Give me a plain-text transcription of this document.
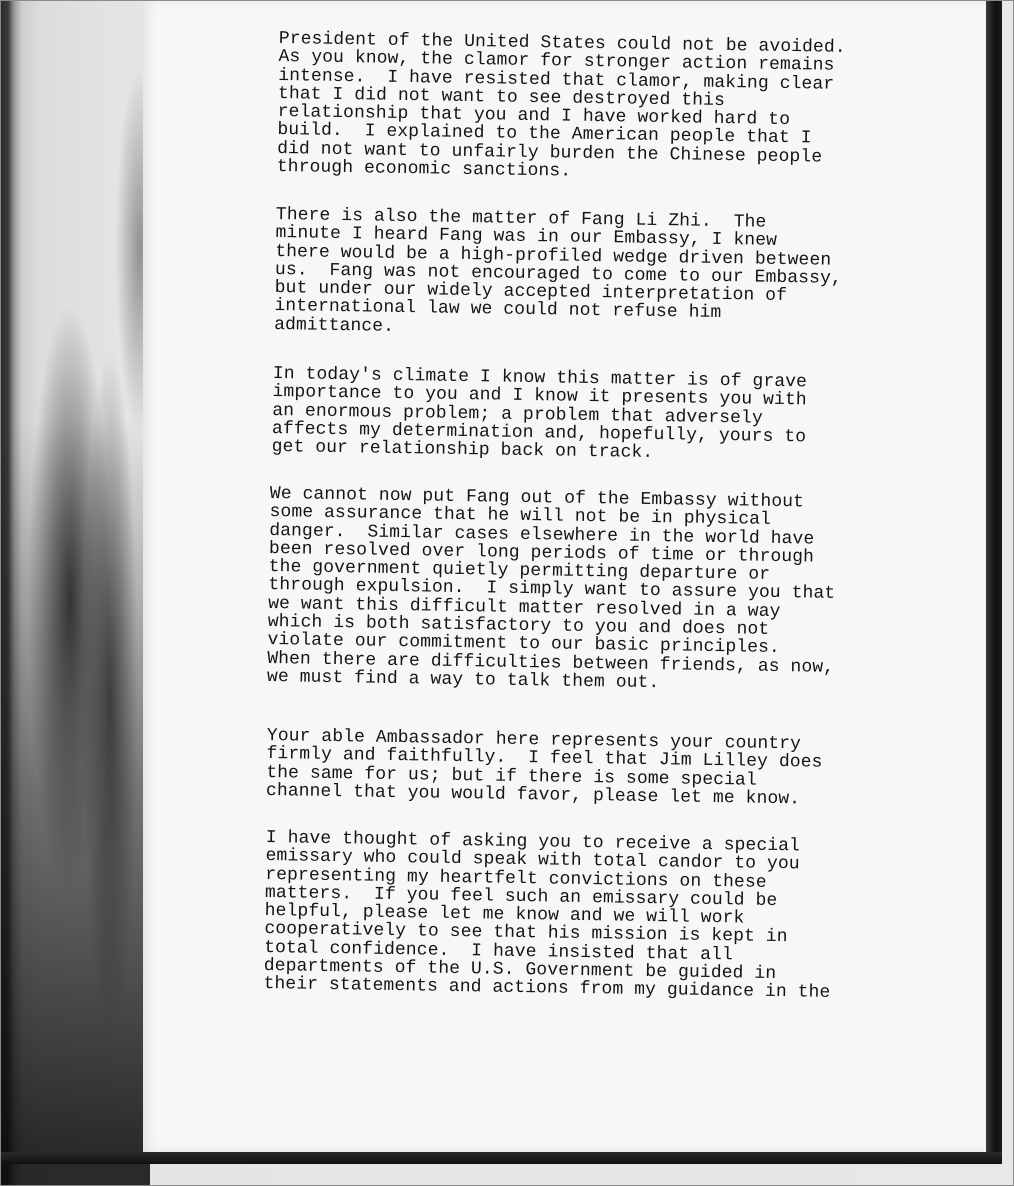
President of the United States could not be avoided.
As you know, the clamor for stronger action remains
intense.  I have resisted that clamor, making clear
that I did not want to see destroyed this
relationship that you and I have worked hard to
build.  I explained to the American people that I
did not want to unfairly burden the Chinese people
through economic sanctions.

There is also the matter of Fang Li Zhi.  The
minute I heard Fang was in our Embassy, I knew
there would be a high-profiled wedge driven between
us.  Fang was not encouraged to come to our Embassy,
but under our widely accepted interpretation of
international law we could not refuse him
admittance.

In today's climate I know this matter is of grave
importance to you and I know it presents you with
an enormous problem; a problem that adversely
affects my determination and, hopefully, yours to
get our relationship back on track.

We cannot now put Fang out of the Embassy without
some assurance that he will not be in physical
danger.  Similar cases elsewhere in the world have
been resolved over long periods of time or through
the government quietly permitting departure or
through expulsion.  I simply want to assure you that
we want this difficult matter resolved in a way
which is both satisfactory to you and does not
violate our commitment to our basic principles.
When there are difficulties between friends, as now,
we must find a way to talk them out.

Your able Ambassador here represents your country
firmly and faithfully.  I feel that Jim Lilley does
the same for us; but if there is some special
channel that you would favor, please let me know.

I have thought of asking you to receive a special
emissary who could speak with total candor to you
representing my heartfelt convictions on these
matters.  If you feel such an emissary could be
helpful, please let me know and we will work
cooperatively to see that his mission is kept in
total confidence.  I have insisted that all
departments of the U.S. Government be guided in
their statements and actions from my guidance in the
